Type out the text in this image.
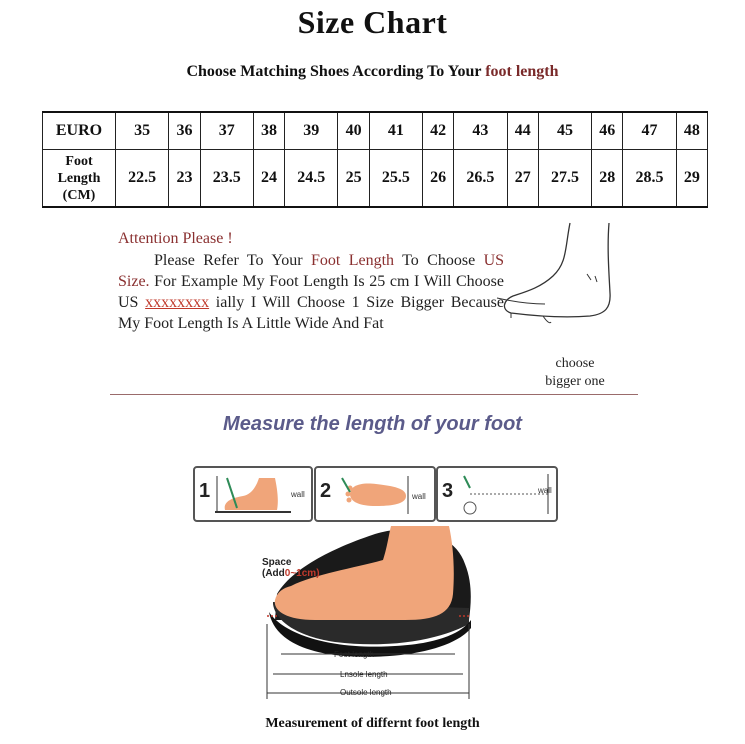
Size Chart
Choose Matching Shoes According To Your foot length
EURO	35	36	37	38	39	40	41	42	43	44	45	46	47	48

Foot
Length
(CM)	22.5	23	23.5	24	24.5	25	25.5	26	26.5	27	27.5	28	28.5	29
Attention Please !
Please Refer To Your Foot Length To Choose US Size. For Example My Foot Length Is 25 cm I Will Choose US xxxxxxxx ially I Will Choose 1 Size Bigger Because My Foot Length Is A Little Wide And Fat
choose
bigger one
Measure the length of your foot
1	wall 2	wall 3	wall
Space
(Add0~1cm)
Foot length
Lnsole length
Outsole length
Measurement of differnt foot length
